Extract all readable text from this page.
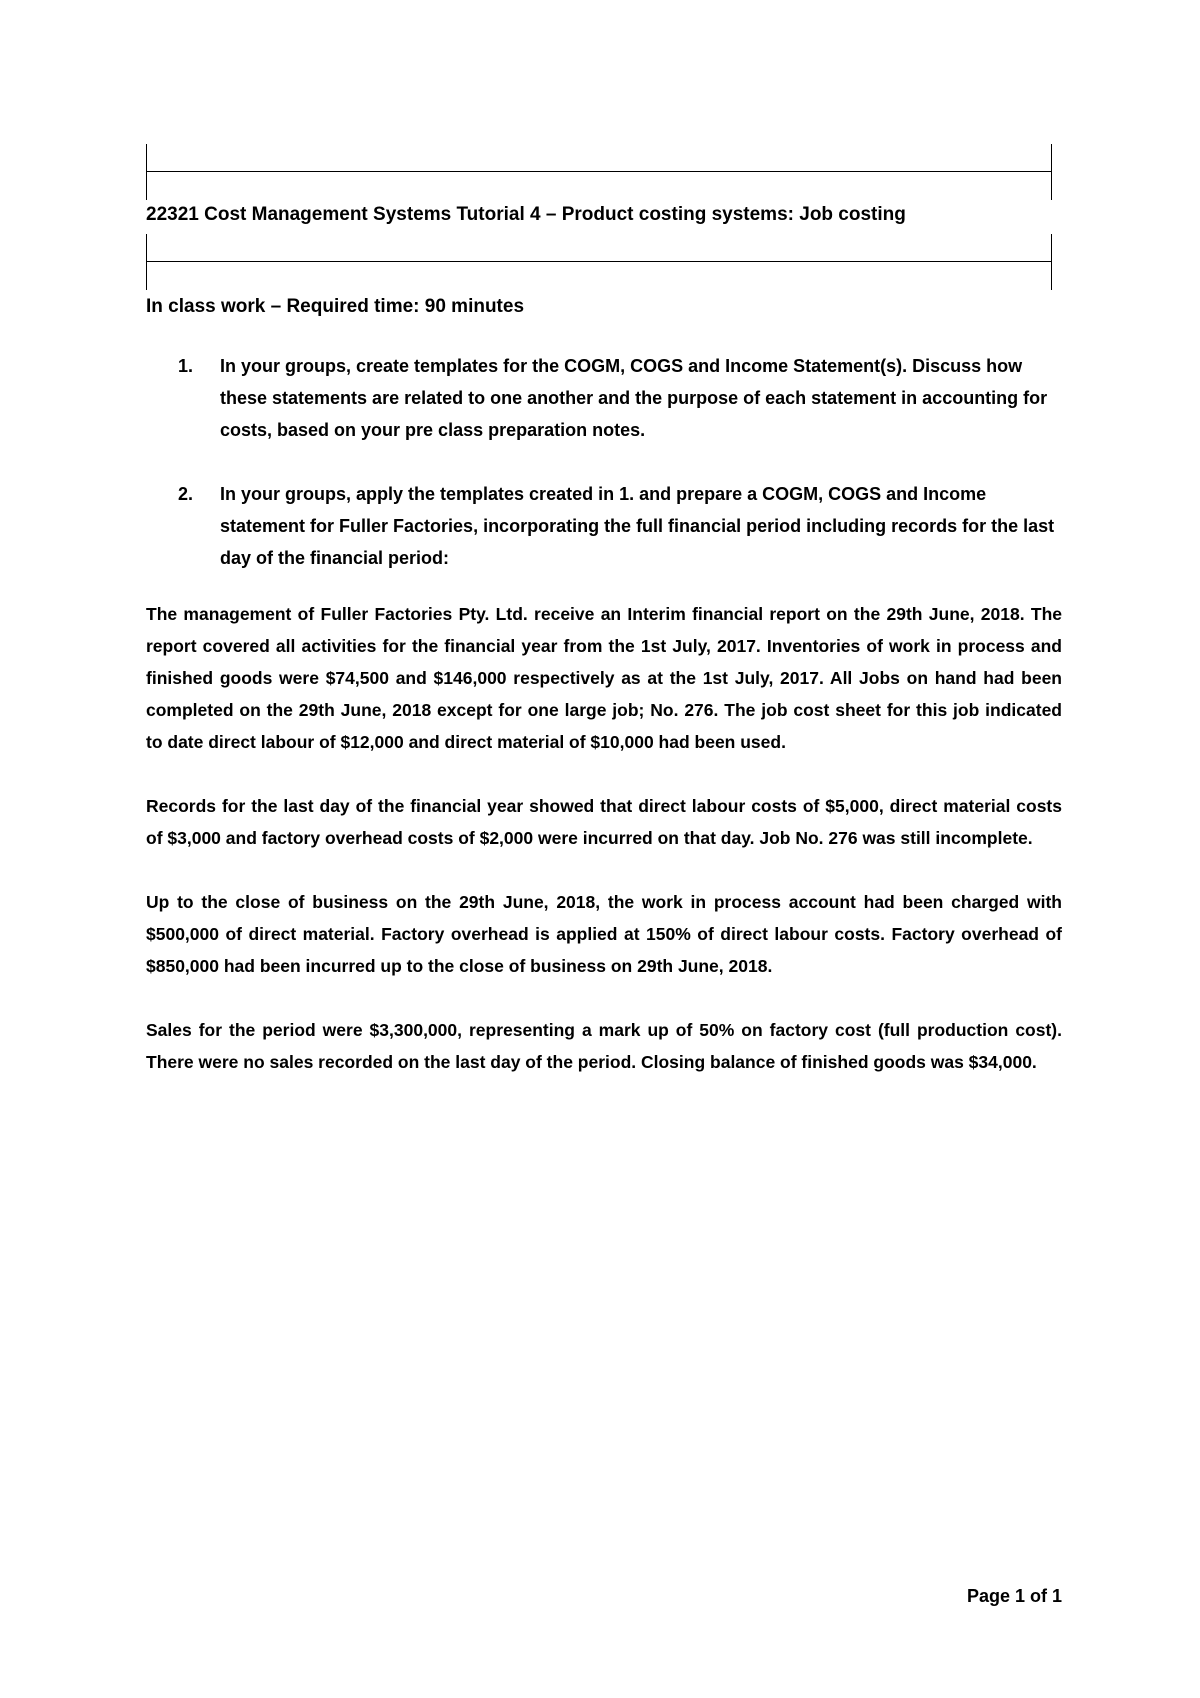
22321 Cost Management Systems Tutorial 4 – Product costing systems: Job costing
In class work – Required time: 90 minutes
1. In your groups, create templates for the COGM, COGS and Income Statement(s). Discuss how these statements are related to one another and the purpose of each statement in accounting for costs, based on your pre class preparation notes.
2. In your groups, apply the templates created in 1. and prepare a COGM, COGS and Income statement for Fuller Factories, incorporating the full financial period including records for the last day of the financial period:

The management of Fuller Factories Pty. Ltd. receive an Interim financial report on the 29th June, 2018. The report covered all activities for the financial year from the 1st July, 2017. Inventories of work in process and finished goods were $74,500 and $146,000 respectively as at the 1st July, 2017. All Jobs on hand had been completed on the 29th June, 2018 except for one large job; No. 276. The job cost sheet for this job indicated to date direct labour of $12,000 and direct material of $10,000 had been used.

Records for the last day of the financial year showed that direct labour costs of $5,000, direct material costs of $3,000 and factory overhead costs of $2,000 were incurred on that day. Job No. 276 was still incomplete.

Up to the close of business on the 29th June, 2018, the work in process account had been charged with $500,000 of direct material. Factory overhead is applied at 150% of direct labour costs. Factory overhead of $850,000 had been incurred up to the close of business on 29th June, 2018.

Sales for the period were $3,300,000, representing a mark up of 50% on factory cost (full production cost). There were no sales recorded on the last day of the period. Closing balance of finished goods was $34,000.

Page 1 of 1
